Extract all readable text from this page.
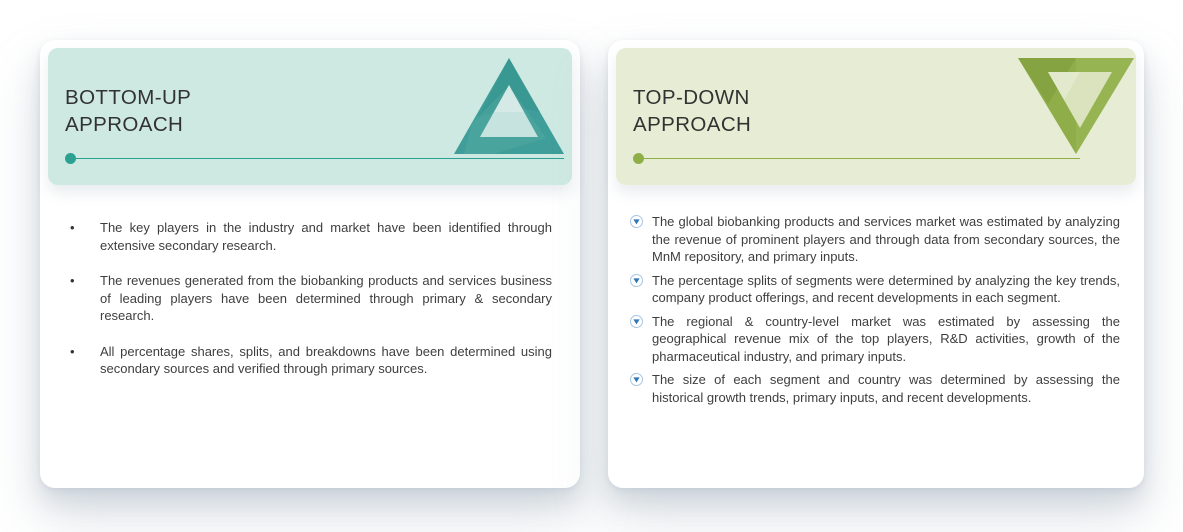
BOTTOM-UP
APPROACH
•	The key players in the industry and market have been identified through extensive secondary research.

•	The revenues generated from the biobanking products and services business of leading players have been determined through primary & secondary research.

•	All percentage shares, splits, and breakdowns have been determined using secondary sources and verified through primary sources.

TOP-DOWN
APPROACH

The global biobanking products and services market was estimated by analyzing the revenue of prominent players and through data from secondary sources, the MnM repository, and primary inputs.

The percentage splits of segments were determined by analyzing the key trends, company product offerings, and recent developments in each segment.

The regional & country-level market was estimated by assessing the geographical revenue mix of the top players, R&D activities, growth of the pharmaceutical industry, and primary inputs.

The size of each segment and country was determined by assessing the historical growth trends, primary inputs, and recent developments.
